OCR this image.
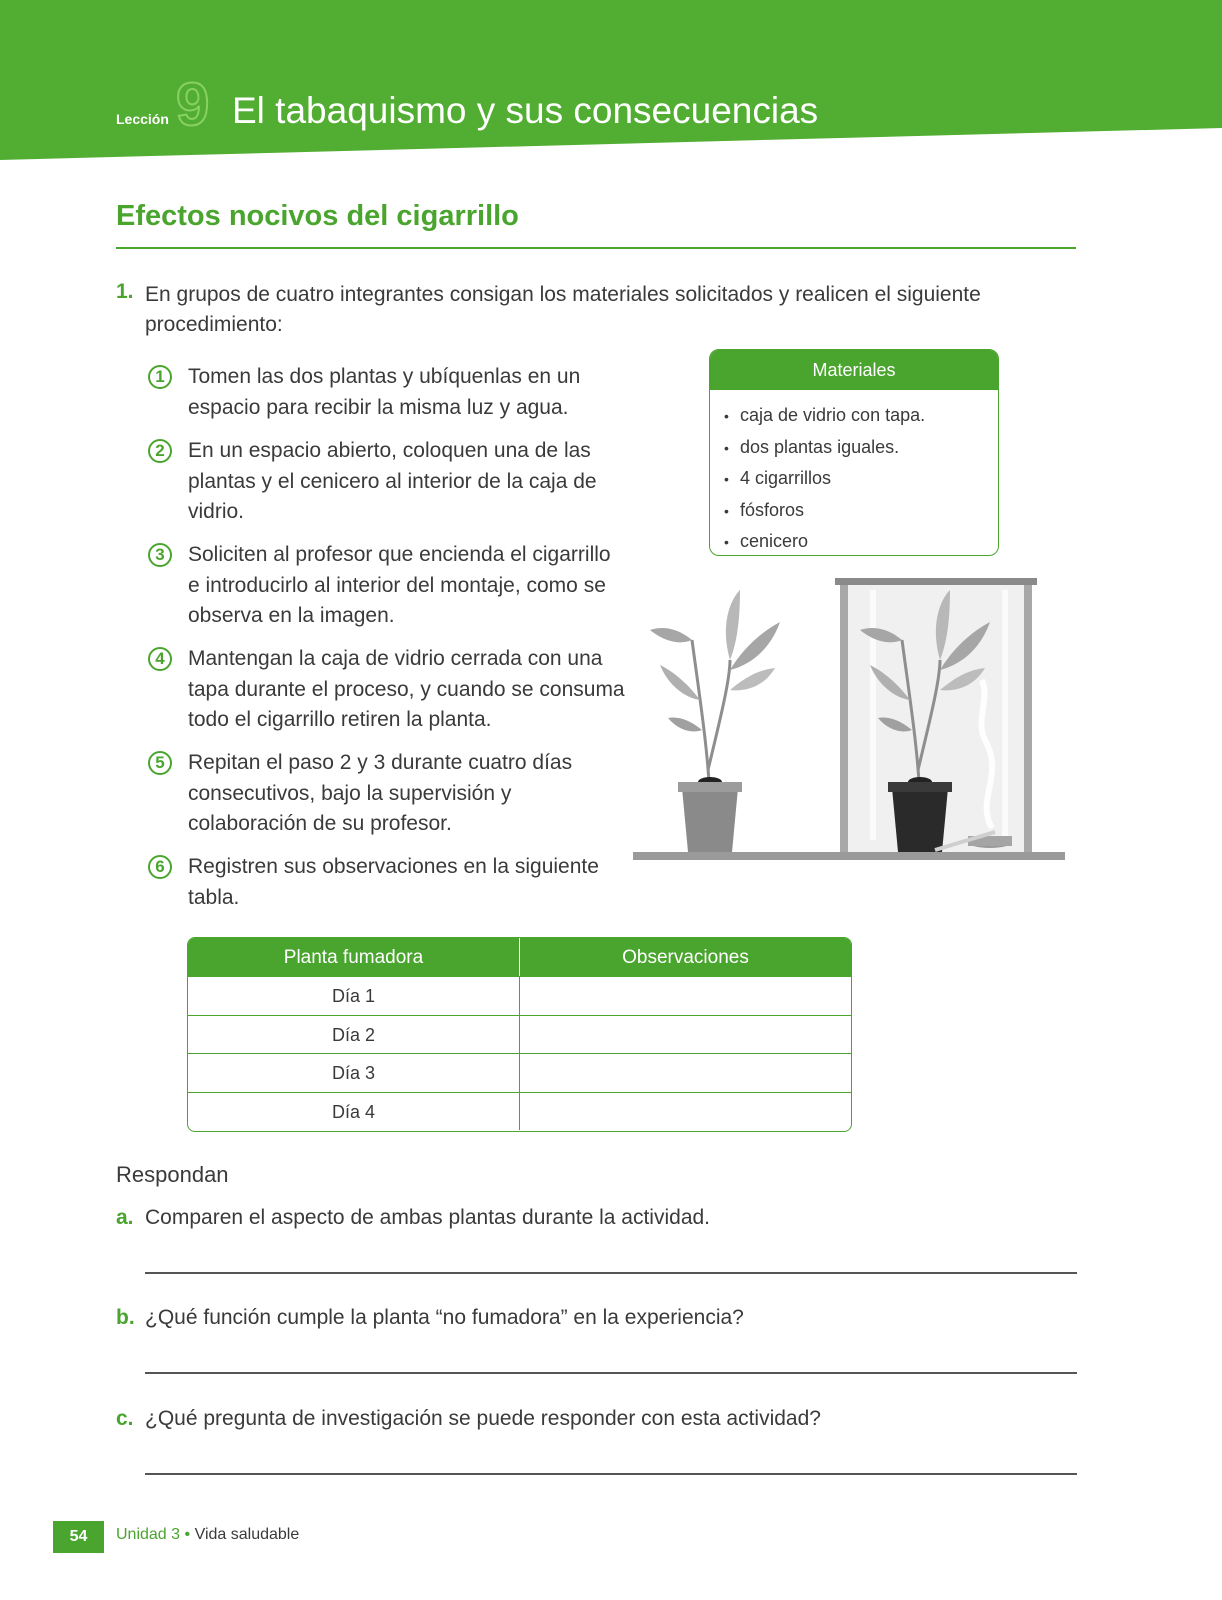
Lección 9 El tabaquismo y sus consecuencias
Efectos nocivos del cigarrillo
1. En grupos de cuatro integrantes consigan los materiales solicitados y realicen el siguiente procedimiento:
1	Tomen las dos plantas y ubíquenlas en un espacio para recibir la misma luz y agua.
2	En un espacio abierto, coloquen una de las plantas y el cenicero al interior de la caja de vidrio.
3	Soliciten al profesor que encienda el cigarrillo e introducirlo al interior del montaje, como se observa en la imagen.
4	Mantengan la caja de vidrio cerrada con una tapa durante el proceso, y cuando se consuma todo el cigarrillo retiren la planta.
5	Repitan el paso 2 y 3 durante cuatro días consecutivos, bajo la supervisión y colaboración de su profesor.
6	Registren sus observaciones en la siguiente tabla.
Materiales
• caja de vidrio con tapa.
• dos plantas iguales.
• 4 cigarrillos
• fósforos
• cenicero
Planta fumadora	Observaciones
Día 1
Día 2
Día 3
Día 4
Respondan
a. Comparen el aspecto de ambas plantas durante la actividad.
b. ¿Qué función cumple la planta “no fumadora” en la experiencia?
c. ¿Qué pregunta de investigación se puede responder con esta actividad?
54	Unidad 3 • Vida saludable
